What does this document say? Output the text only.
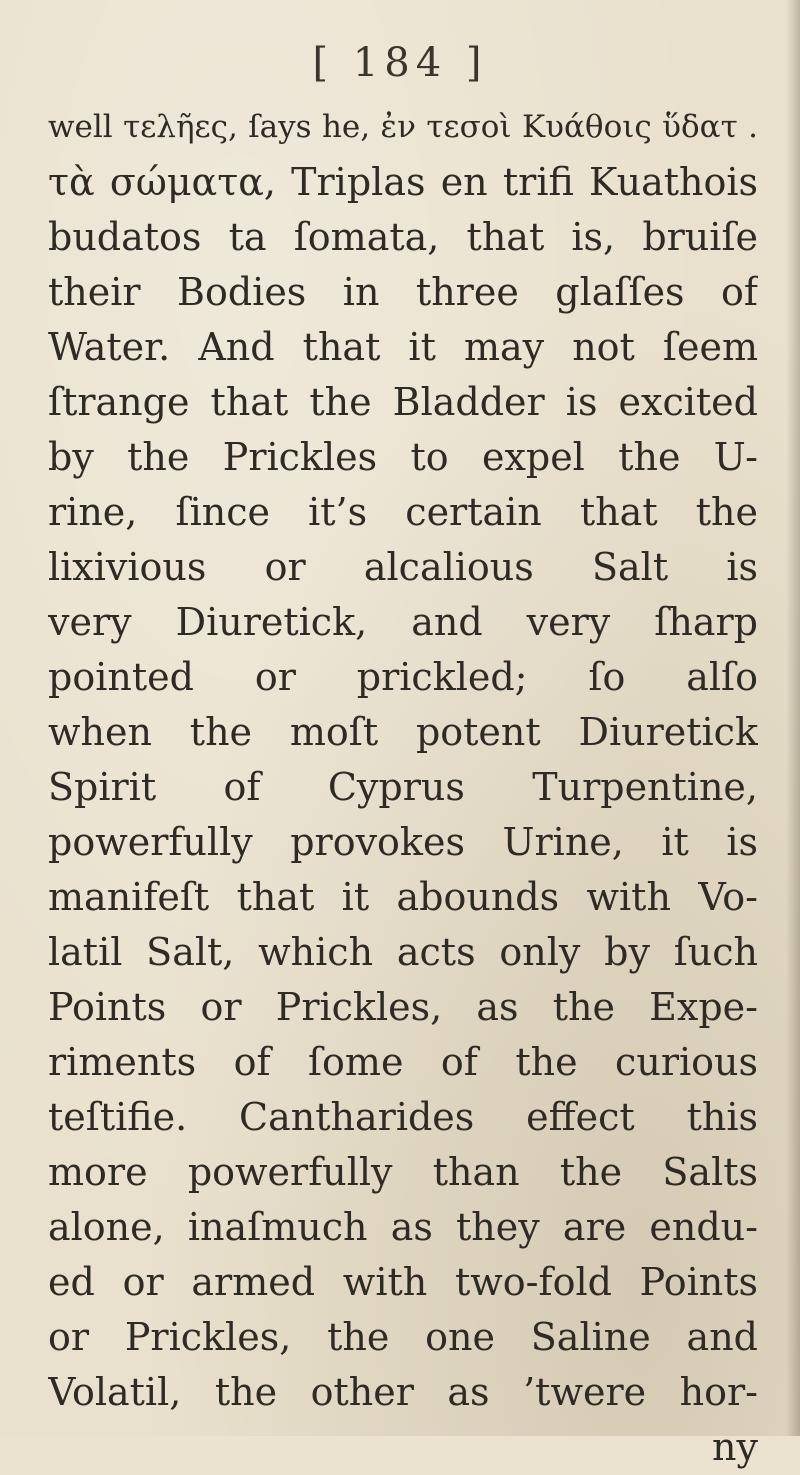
[ 184 ]
well τελῆες, ſays he, ἐν τεσοὶ Κυάθοις ὕδατ .
τὰ σώματα, Triplas en trifi Kuathois
budatos ta ſomata, that is, bruiſe
their Bodies in three glaſſes of
Water. And that it may not ſeem
ſtrange that the Bladder is excited
by the Prickles to expel the U-
rine, ſince it’s certain that the
lixivious or alcalious Salt is
very Diuretick, and very ſharp
pointed or prickled; ſo alſo
when the moſt potent Diuretick
Spirit of Cyprus Turpentine,
powerfully provokes Urine, it is
manifeſt that it abounds with Vo-
latil Salt, which acts only by ſuch
Points or Prickles, as the Expe-
riments of ſome of the curious
teſtifie. Cantharides effect this
more powerfully than the Salts
alone, inaſmuch as they are endu-
ed or armed with two-fold Points
or Prickles, the one Saline and
Volatil, the other as ’twere hor-
ny
